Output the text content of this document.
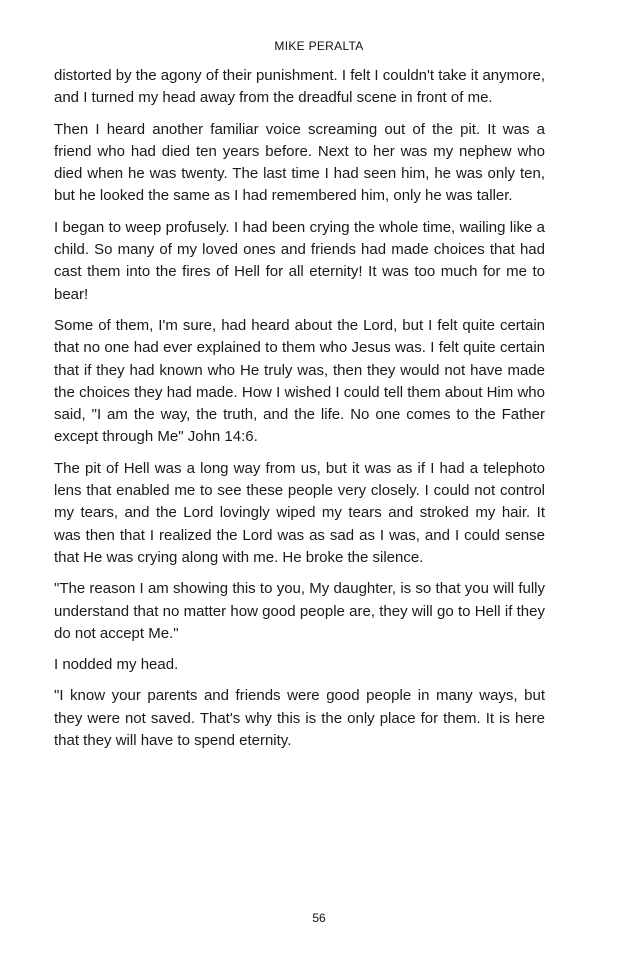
MIKE PERALTA

distorted by the agony of their punishment. I felt I couldn't take it anymore, and I turned my head away from the dreadful scene in front of me.

Then I heard another familiar voice screaming out of the pit. It was a friend who had died ten years before. Next to her was my nephew who died when he was twenty. The last time I had seen him, he was only ten, but he looked the same as I had remembered him, only he was taller.

I began to weep profusely. I had been crying the whole time, wailing like a child. So many of my loved ones and friends had made choices that had cast them into the fires of Hell for all eternity! It was too much for me to bear!

Some of them, I'm sure, had heard about the Lord, but I felt quite certain that no one had ever explained to them who Jesus was. I felt quite certain that if they had known who He truly was, then they would not have made the choices they had made. How I wished I could tell them about Him who said, "I am the way, the truth, and the life. No one comes to the Father except through Me" John 14:6.

The pit of Hell was a long way from us, but it was as if I had a telephoto lens that enabled me to see these people very closely. I could not control my tears, and the Lord lovingly wiped my tears and stroked my hair. It was then that I realized the Lord was as sad as I was, and I could sense that He was crying along with me. He broke the silence.

"The reason I am showing this to you, My daughter, is so that you will fully understand that no matter how good people are, they will go to Hell if they do not accept Me."

I nodded my head.

"I know your parents and friends were good people in many ways, but they were not saved. That's why this is the only place for them. It is here that they will have to spend eternity.

56
